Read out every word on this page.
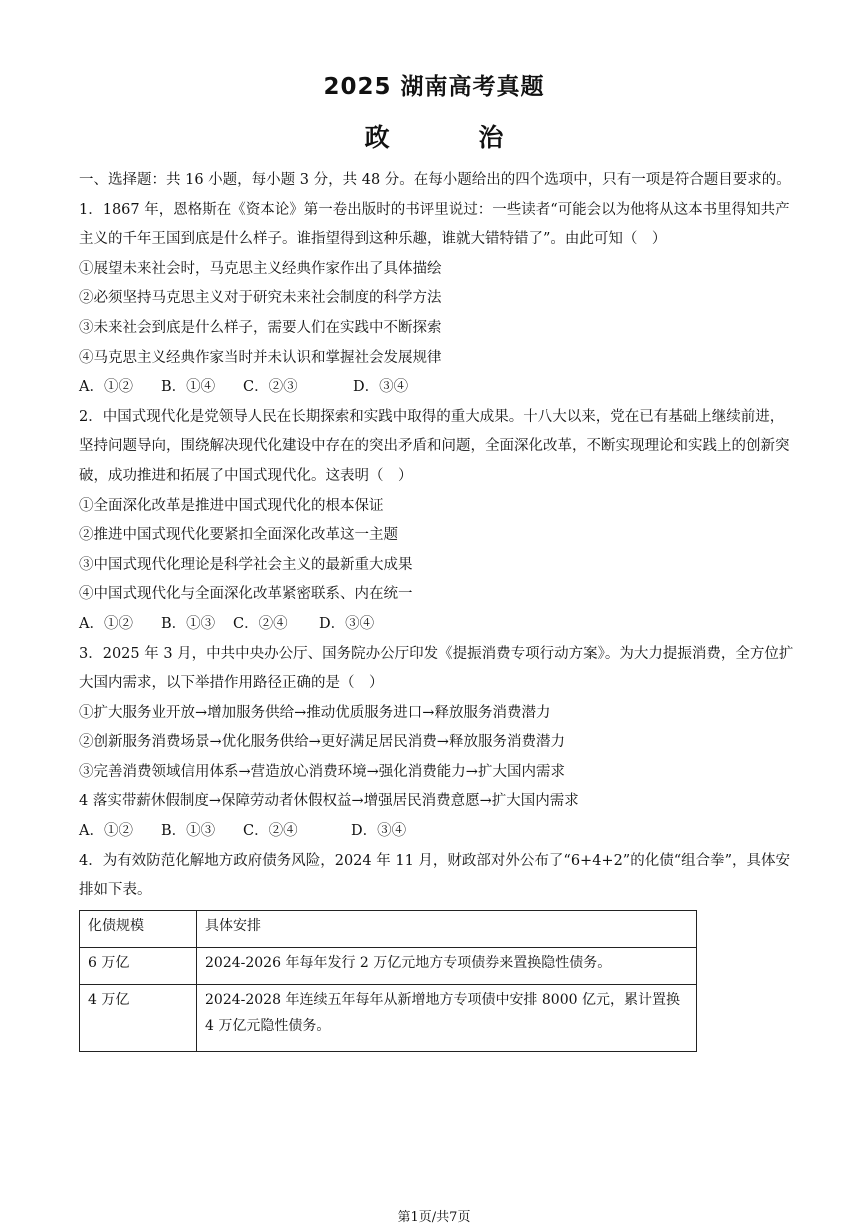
2025 湖南高考真题
政 治

一、选择题：共 16 小题，每小题 3 分，共 48 分。在每小题给出的四个选项中，只有一项是符合题目要求的。

1．1867 年，恩格斯在《资本论》第一卷出版时的书评里说过：一些读者“可能会以为他将从这本书里得知共产主义的千年王国到底是什么样子。谁指望得到这种乐趣，谁就大错特错了”。由此可知（　）

①展望未来社会时，马克思主义经典作家作出了具体描绘

②必须坚持马克思主义对于研究未来社会制度的科学方法

③未来社会到底是什么样子，需要人们在实践中不断探索

④马克思主义经典作家当时并未认识和掌握社会发展规律

A．①② B．①④ C．②③	D．③④

2．中国式现代化是党领导人民在长期探索和实践中取得的重大成果。十八大以来，党在已有基础上继续前进，坚持问题导向，围绕解决现代化建设中存在的突出矛盾和问题，全面深化改革，不断实现理论和实践上的创新突破，成功推进和拓展了中国式现代化。这表明（　）

①全面深化改革是推进中国式现代化的根本保证

②推进中国式现代化要紧扣全面深化改革这一主题

③中国式现代化理论是科学社会主义的最新重大成果

④中国式现代化与全面深化改革紧密联系、内在统一

A．①② B．①③ C．②④ D．③④

3．2025 年 3 月，中共中央办公厅、国务院办公厅印发《提振消费专项行动方案》。为大力提振消费，全方位扩大国内需求，以下举措作用路径正确的是（　）

①扩大服务业开放→增加服务供给→推动优质服务进口→释放服务消费潜力

②创新服务消费场景→优化服务供给→更好满足居民消费→释放服务消费潜力

③完善消费领域信用体系→营造放心消费环境→强化消费能力→扩大国内需求

4 落实带薪休假制度→保障劳动者休假权益→增强居民消费意愿→扩大国内需求

A．①② B．①③ C．②④	D．③④

4．为有效防范化解地方政府债务风险，2024 年 11 月，财政部对外公布了“6+4+2”的化债“组合拳”，具体安排如下表。

化债规模	具体安排
6 万亿	2024-2026 年每年发行 2 万亿元地方专项债券来置换隐性债务。
4 万亿	2024-2028 年连续五年每年从新增地方专项债中安排 8000 亿元，累计置换 4 万亿元隐性债务。

第1页/共7页
